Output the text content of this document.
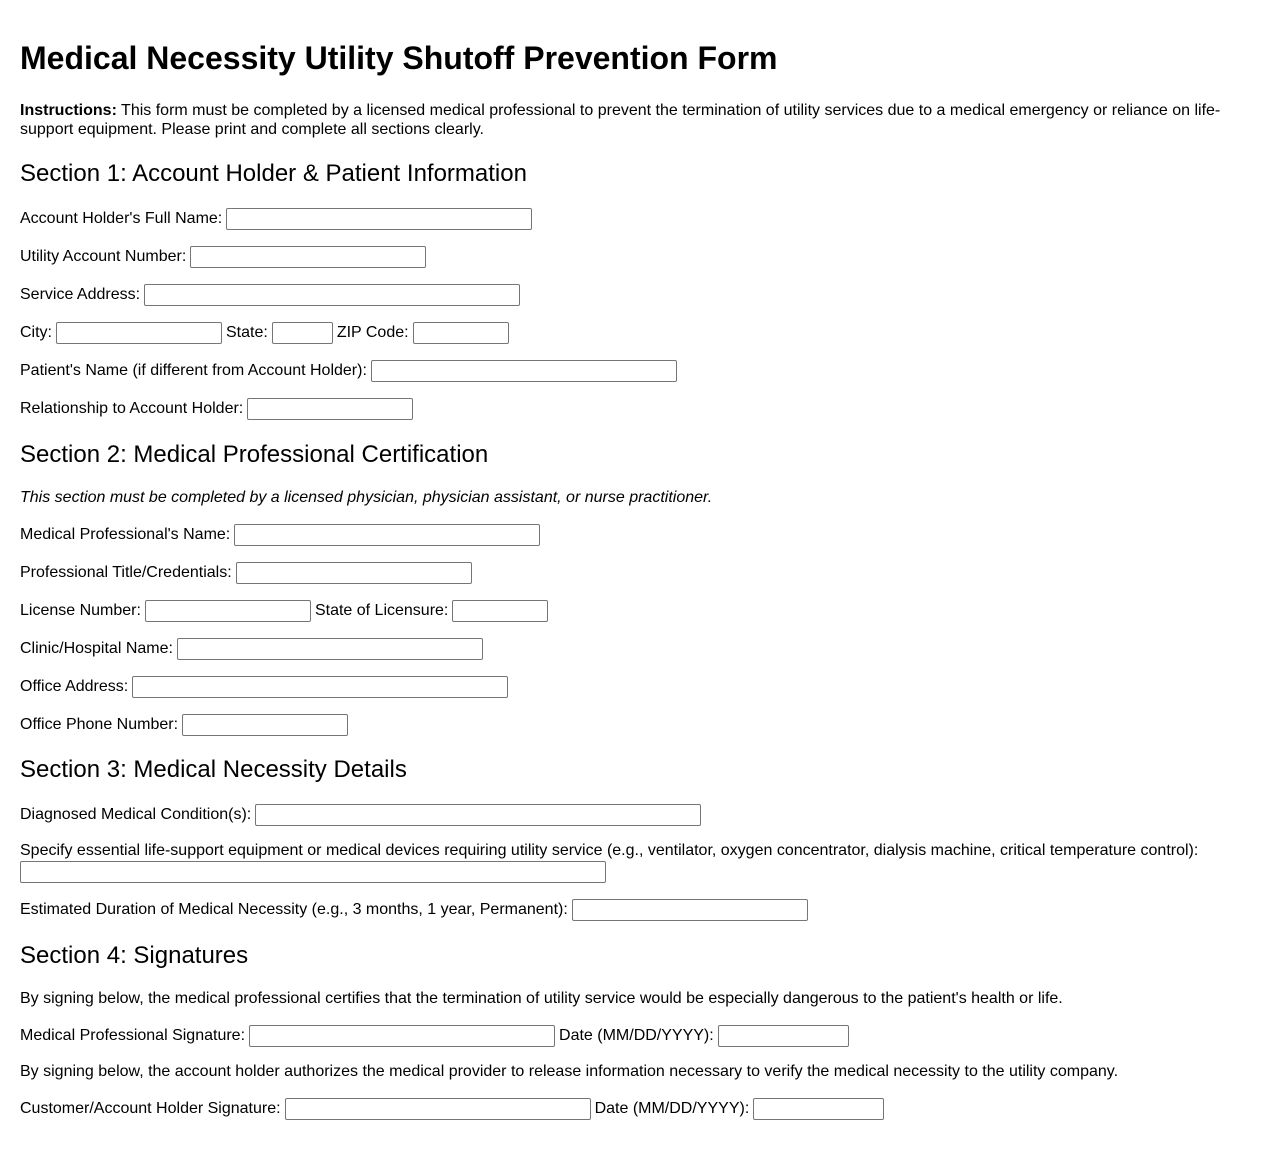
Medical Necessity Utility Shutoff Prevention Form
Instructions: This form must be completed by a licensed medical professional to prevent the termination of utility services due to a medical emergency or reliance on life-support equipment. Please print and complete all sections clearly.
Section 1: Account Holder & Patient Information
Account Holder's Full Name:
Utility Account Number:
Service Address:
City:	State:	ZIP Code:
Patient's Name (if different from Account Holder):
Relationship to Account Holder:
Section 2: Medical Professional Certification
This section must be completed by a licensed physician, physician assistant, or nurse practitioner.
Medical Professional's Name:
Professional Title/Credentials:
License Number:	State of Licensure:
Clinic/Hospital Name:
Office Address:
Office Phone Number:
Section 3: Medical Necessity Details
Diagnosed Medical Condition(s):
Specify essential life-support equipment or medical devices requiring utility service (e.g., ventilator, oxygen concentrator, dialysis machine, critical temperature control):
Estimated Duration of Medical Necessity (e.g., 3 months, 1 year, Permanent):
Section 4: Signatures
By signing below, the medical professional certifies that the termination of utility service would be especially dangerous to the patient's health or life.
Medical Professional Signature:	Date (MM/DD/YYYY):
By signing below, the account holder authorizes the medical provider to release information necessary to verify the medical necessity to the utility company.
Customer/Account Holder Signature:	Date (MM/DD/YYYY):
